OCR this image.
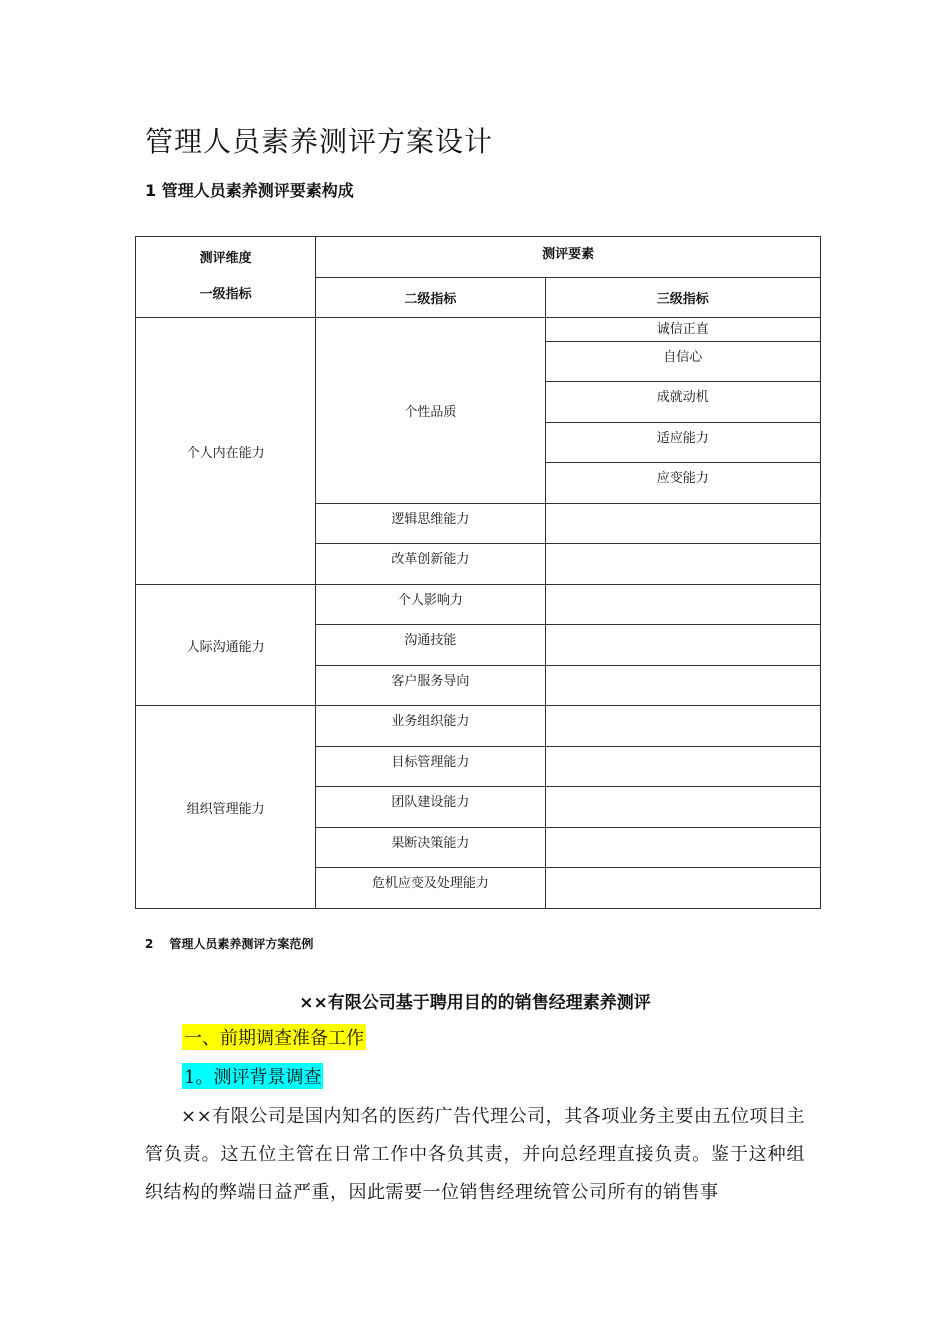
管理人员素养测评方案设计
1 管理人员素养测评要素构成
测评维度
一级指标	测评要素	
	二级指标	三级指标
个人内在能力	个性品质	诚信正直
		自信心
		成就动机
		适应能力
		应变能力
	逻辑思维能力	
	改革创新能力	
人际沟通能力	个人影响力	
	沟通技能	
	客户服务导向	
组织管理能力	业务组织能力	
	目标管理能力	
	团队建设能力	
	果断决策能力	
	危机应变及处理能力	
2 管理人员素养测评方案范例
××有限公司基于聘用目的的销售经理素养测评
一、前期调查准备工作
1。测评背景调查
××有限公司是国内知名的医药广告代理公司，其各项业务主要由五位项目主管负责。这五位主管在日常工作中各负其责，并向总经理直接负责。鉴于这种组织结构的弊端日益严重，因此需要一位销售经理统管公司所有的销售事
